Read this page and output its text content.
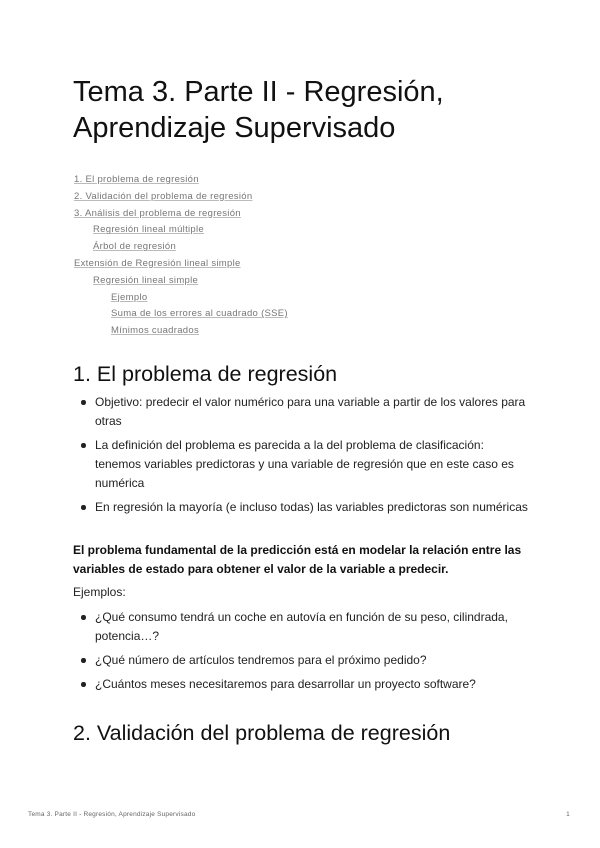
Tema 3. Parte II - Regresión, Aprendizaje Supervisado
1. El problema de regresión
2. Validación del problema de regresión
3. Análisis del problema de regresión
Regresión lineal múltiple
Árbol de regresión
Extensión de Regresión lineal simple
Regresión lineal simple
Ejemplo
Suma de los errores al cuadrado (SSE)
Mínimos cuadrados
1. El problema de regresión
Objetivo: predecir el valor numérico para una variable a partir de los valores para otras
La definición del problema es parecida a la del problema de clasificación: tenemos variables predictoras y una variable de regresión que en este caso es numérica
En regresión la mayoría (e incluso todas) las variables predictoras son numéricas

El problema fundamental de la predicción está en modelar la relación entre las variables de estado para obtener el valor de la variable a predecir.

Ejemplos:

¿Qué consumo tendrá un coche en autovía en función de su peso, cilindrada, potencia…?
¿Qué número de artículos tendremos para el próximo pedido?
¿Cuántos meses necesitaremos para desarrollar un proyecto software?
2. Validación del problema de regresión
Tema 3. Parte II - Regresión, Aprendizaje Supervisado	1
